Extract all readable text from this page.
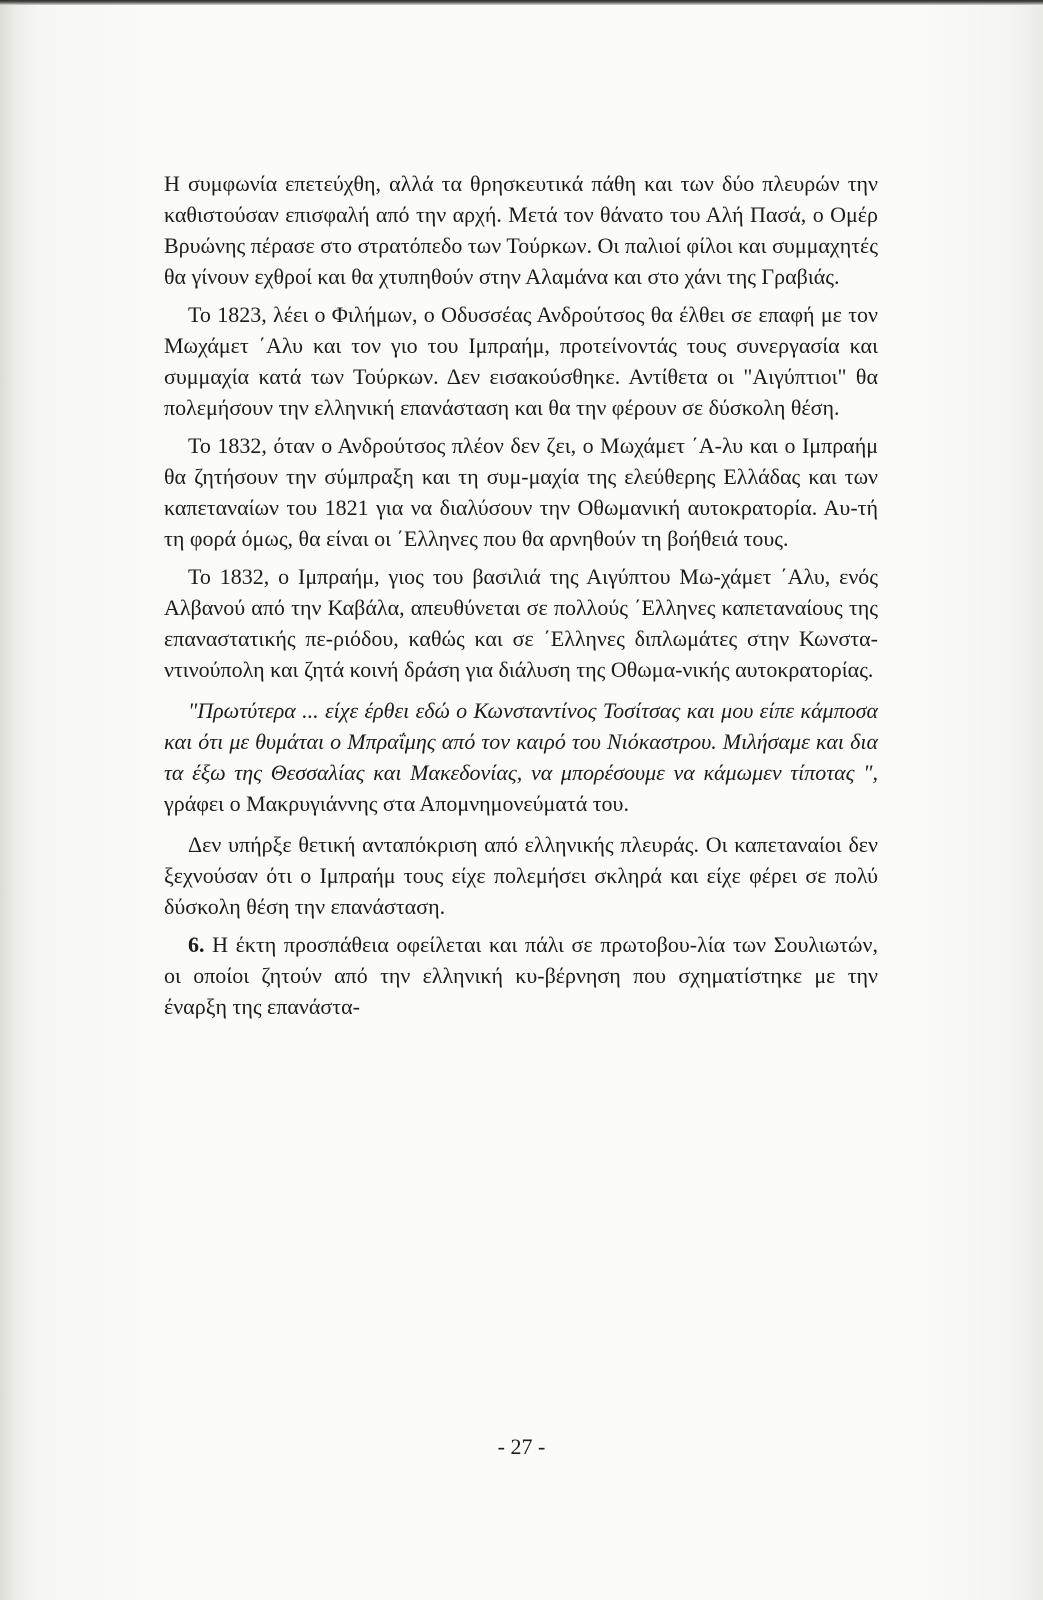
Η συμφωνία επετεύχθη, αλλά τα θρησκευτικά πάθη και των δύο πλευρών την καθιστούσαν επισφαλή από την αρχή. Μετά τον θάνατο του Αλή Πασά, ο Ομέρ Βρυώνης πέρασε στο στρατόπεδο των Τούρκων. Οι παλιοί φίλοι και συμμαχητές θα γίνουν εχθροί και θα χτυπηθούν στην Αλαμάνα και στο χάνι της Γραβιάς.

Το 1823, λέει ο Φιλήμων, ο Οδυσσέας Ανδρούτσος θα έλθει σε επαφή με τον Μωχάμετ ΄Αλυ και τον γιο του Ιμπραήμ, προτείνοντάς τους συνεργασία και συμμαχία κατά των Τούρκων. Δεν εισακούσθηκε. Αντίθετα οι "Αιγύπτιοι" θα πολεμήσουν την ελληνική επανάσταση και θα την φέρουν σε δύσκολη θέση.

Το 1832, όταν ο Ανδρούτσος πλέον δεν ζει, ο Μωχάμετ ΄Α-λυ και ο Ιμπραήμ θα ζητήσουν την σύμπραξη και τη συμ-μαχία της ελεύθερης Ελλάδας και των καπεταναίων του 1821 για να διαλύσουν την Οθωμανική αυτοκρατορία. Αυ-τή τη φορά όμως, θα είναι οι ΄Ελληνες που θα αρνηθούν τη βοήθειά τους.

Το 1832, ο Ιμπραήμ, γιος του βασιλιά της Αιγύπτου Μω-χάμετ ΄Αλυ, ενός Αλβανού από την Καβάλα, απευθύνεται σε πολλούς ΄Ελληνες καπεταναίους της επαναστατικής πε-ριόδου, καθώς και σε ΄Ελληνες διπλωμάτες στην Κωνστα-ντινούπολη και ζητά κοινή δράση για διάλυση της Οθωμα-νικής αυτοκρατορίας.

"Πρωτύτερα ... είχε έρθει εδώ ο Κωνσταντίνος Τοσίτσας και μου είπε κάμποσα και ότι με θυμάται ο Μπραΐμης από τον καιρό του Νιόκαστρου. Μιλήσαμε και δια τα έξω της Θεσσαλίας και Μακεδονίας, να μπορέσουμε να κάμωμεν τίποτας ", γράφει ο Μακρυγιάννης στα Απομνημονεύματά του.

Δεν υπήρξε θετική ανταπόκριση από ελληνικής πλευράς. Οι καπεταναίοι δεν ξεχνούσαν ότι ο Ιμπραήμ τους είχε πολεμήσει σκληρά και είχε φέρει σε πολύ δύσκολη θέση την επανάσταση.

6. Η έκτη προσπάθεια οφείλεται και πάλι σε πρωτοβου-λία των Σουλιωτών, οι οποίοι ζητούν από την ελληνική κυ-βέρνηση που σχηματίστηκε με την έναρξη της επανάστα-

- 27 -
